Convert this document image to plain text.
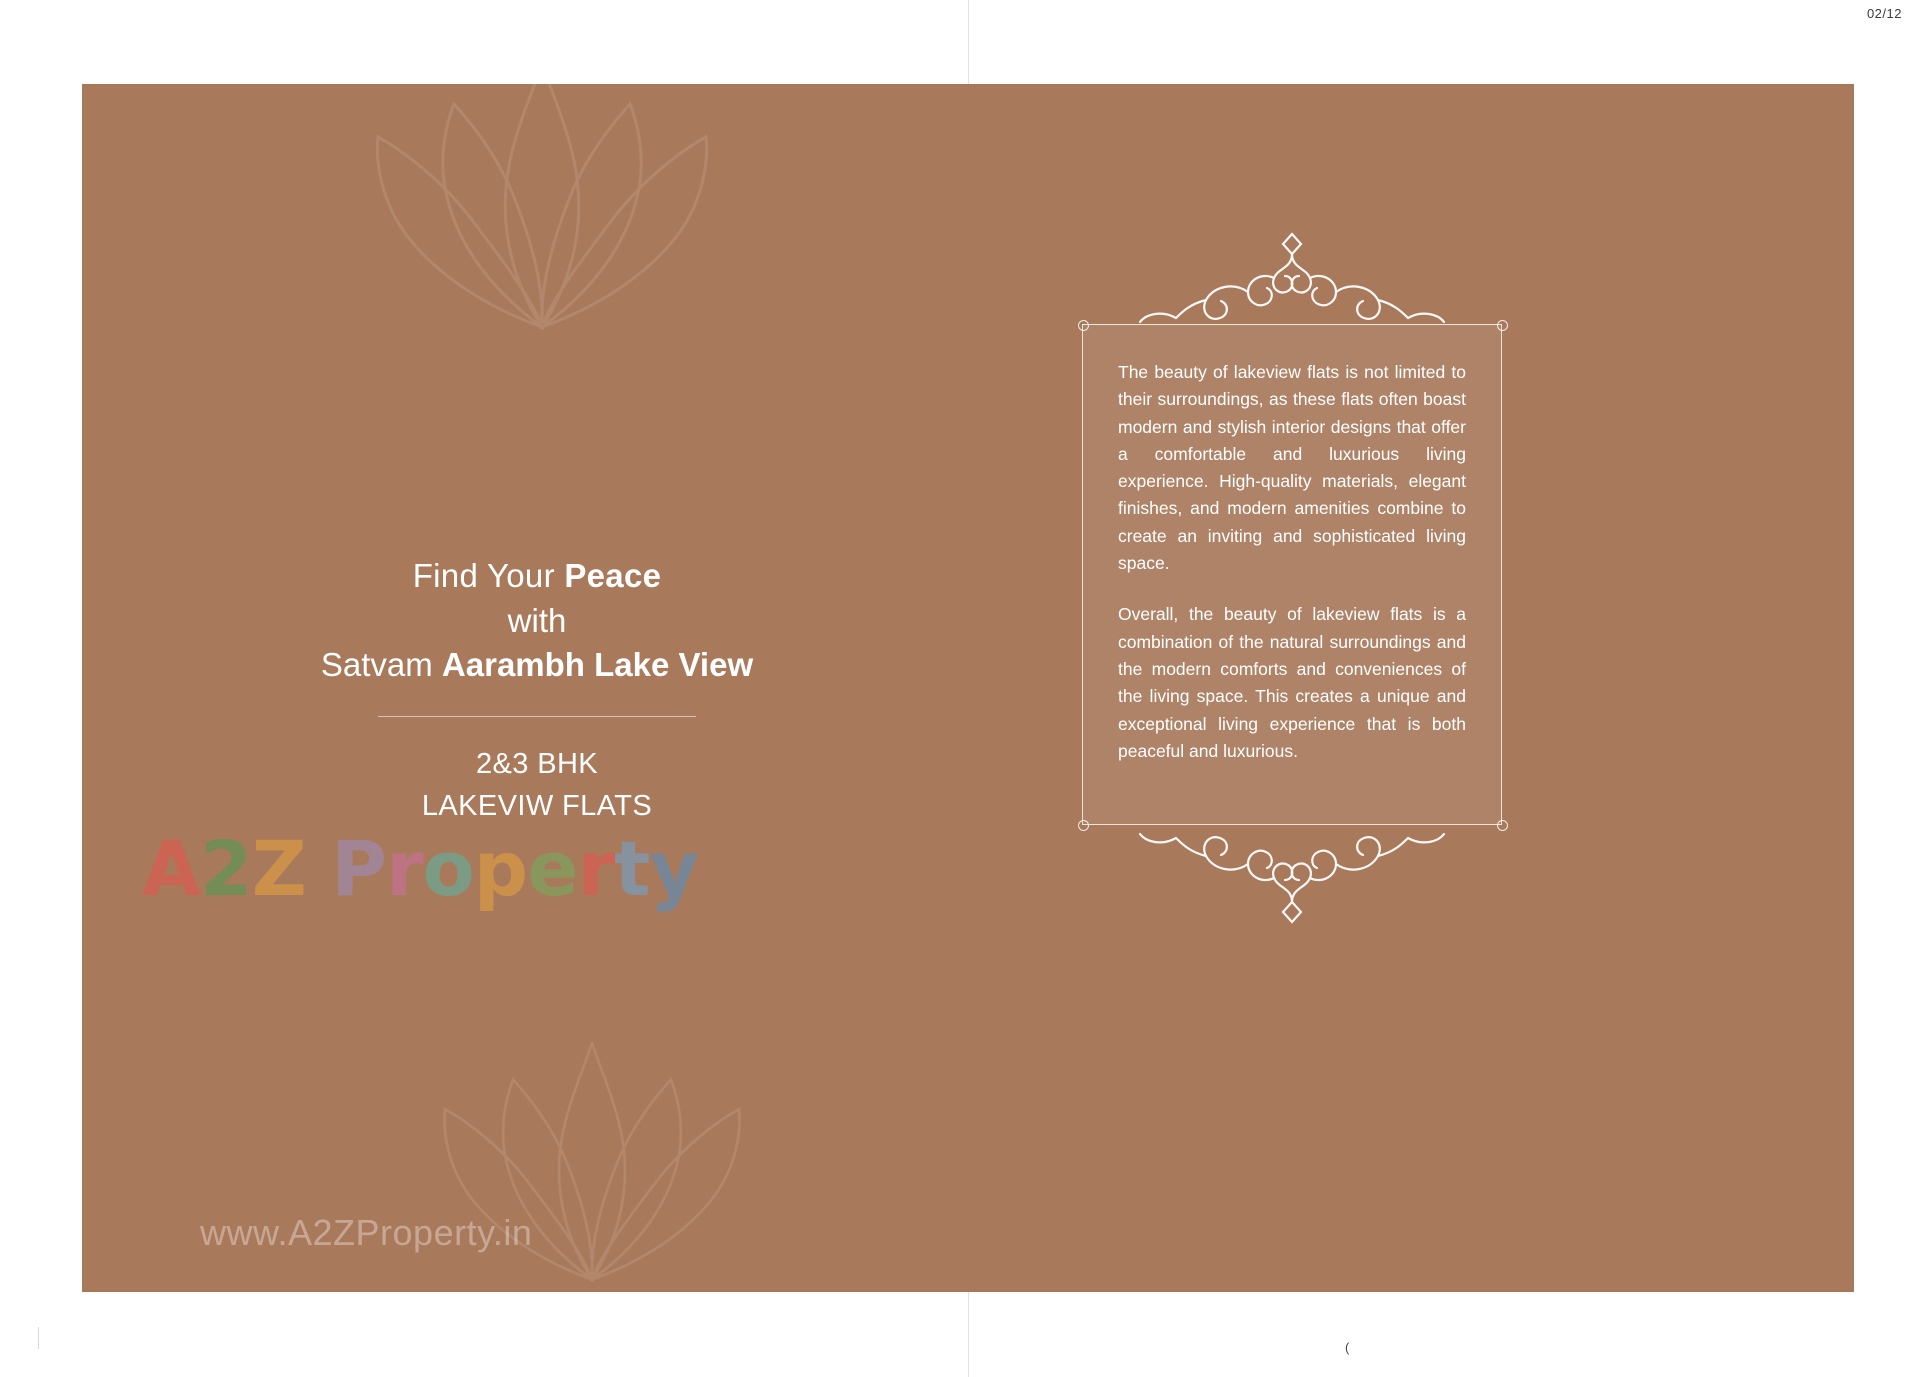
02/12
(
Find Your Peace
with
Satvam Aarambh Lake View
2&3 BHK
LAKEVIW FLATS
A2Z Property
www.A2ZProperty.in

The beauty of lakeview flats is not limited to their surroundings, as these flats often boast modern and stylish interior designs that offer a comfortable and luxurious living experience. High-quality materials, elegant finishes, and modern amenities combine to create an inviting and sophisticated living space.

Overall, the beauty of lakeview flats is a combination of the natural surroundings and the modern comforts and conveniences of the living space. This creates a unique and exceptional living experience that is both peaceful and luxurious.
